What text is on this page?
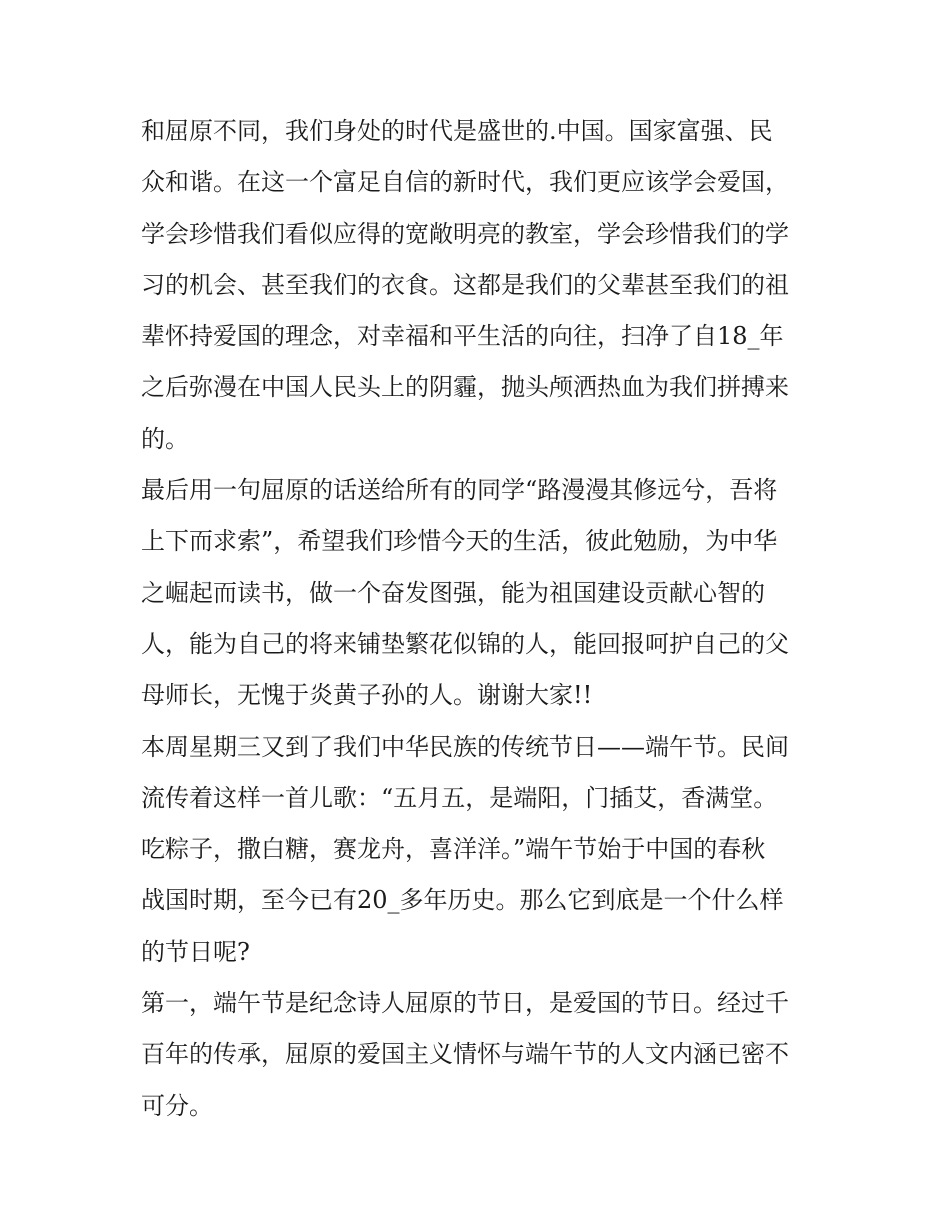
和屈原不同，我们身处的时代是盛世的.中国。国家富强、民
众和谐。在这一个富足自信的新时代，我们更应该学会爱国，
学会珍惜我们看似应得的宽敞明亮的教室，学会珍惜我们的学
习的机会、甚至我们的衣食。这都是我们的父辈甚至我们的祖
辈怀持爱国的理念，对幸福和平生活的向往，扫净了自18_年
之后弥漫在中国人民头上的阴霾，抛头颅洒热血为我们拼搏来
的。
最后用一句屈原的话送给所有的同学“路漫漫其修远兮，吾将
上下而求索”，希望我们珍惜今天的生活，彼此勉励，为中华
之崛起而读书，做一个奋发图强，能为祖国建设贡献心智的
人，能为自己的将来铺垫繁花似锦的人，能回报呵护自己的父
母师长，无愧于炎黄子孙的人。谢谢大家!!
本周星期三又到了我们中华民族的传统节日——端午节。民间
流传着这样一首儿歌：“五月五，是端阳，门插艾，香满堂。
吃粽子，撒白糖，赛龙舟，喜洋洋。”端午节始于中国的春秋
战国时期，至今已有20_多年历史。那么它到底是一个什么样
的节日呢?
第一，端午节是纪念诗人屈原的节日，是爱国的节日。经过千
百年的传承，屈原的爱国主义情怀与端午节的人文内涵已密不
可分。
